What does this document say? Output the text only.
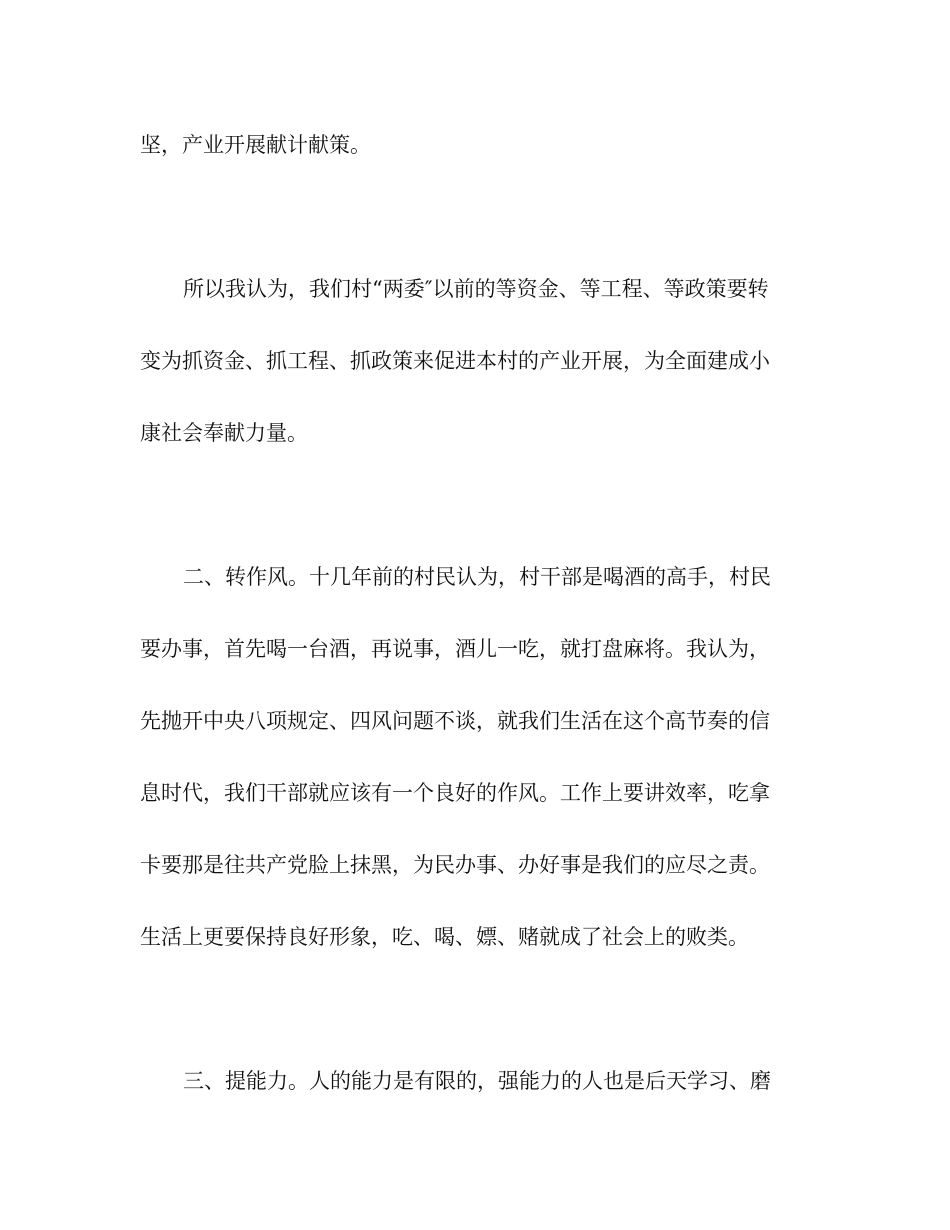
坚，产业开展献计献策。

所以我认为，我们村“两委″以前的等资金、等工程、等政策要转

变为抓资金、抓工程、抓政策来促进本村的产业开展，为全面建成小

康社会奉献力量。

二、转作风。十几年前的村民认为，村干部是喝酒的高手，村民

要办事，首先喝一台酒，再说事，酒儿一吃，就打盘麻将。我认为，

先抛开中央八项规定、四风问题不谈，就我们生活在这个高节奏的信

息时代，我们干部就应该有一个良好的作风。工作上要讲效率，吃拿

卡要那是往共产党脸上抹黑，为民办事、办好事是我们的应尽之责。

生活上更要保持良好形象，吃、喝、嫖、赌就成了社会上的败类。

三、提能力。人的能力是有限的，强能力的人也是后天学习、磨
